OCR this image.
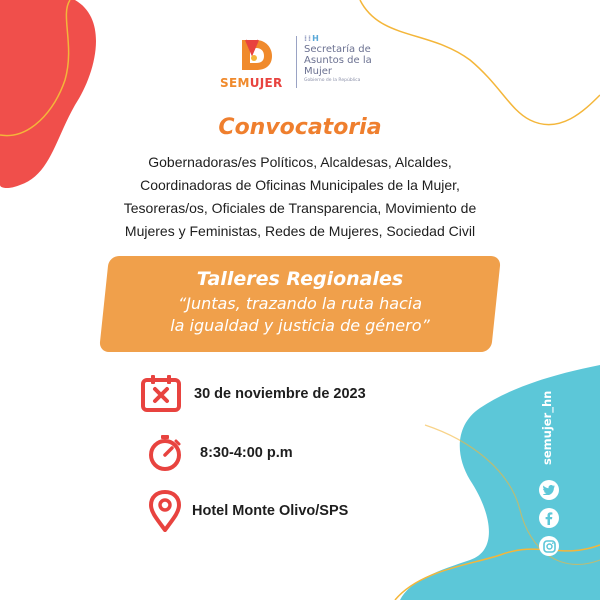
SEMUJER
⁞⁞H
Secretaría de
Asuntos de la
Mujer
Gobierno de la República
Convocatoria
Gobernadoras/es Políticos, Alcaldesas, Alcaldes,
Coordinadoras de Oficinas Municipales de la Mujer,
Tesoreras/os, Oficiales de Transparencia, Movimiento de
Mujeres y Feministas, Redes de Mujeres, Sociedad Civil
Talleres Regionales
“Juntas, trazando la ruta hacia
la igualdad y justicia de género”
30 de noviembre de 2023
8:30-4:00 p.m
Hotel Monte Olivo/SPS
semujer_hn
